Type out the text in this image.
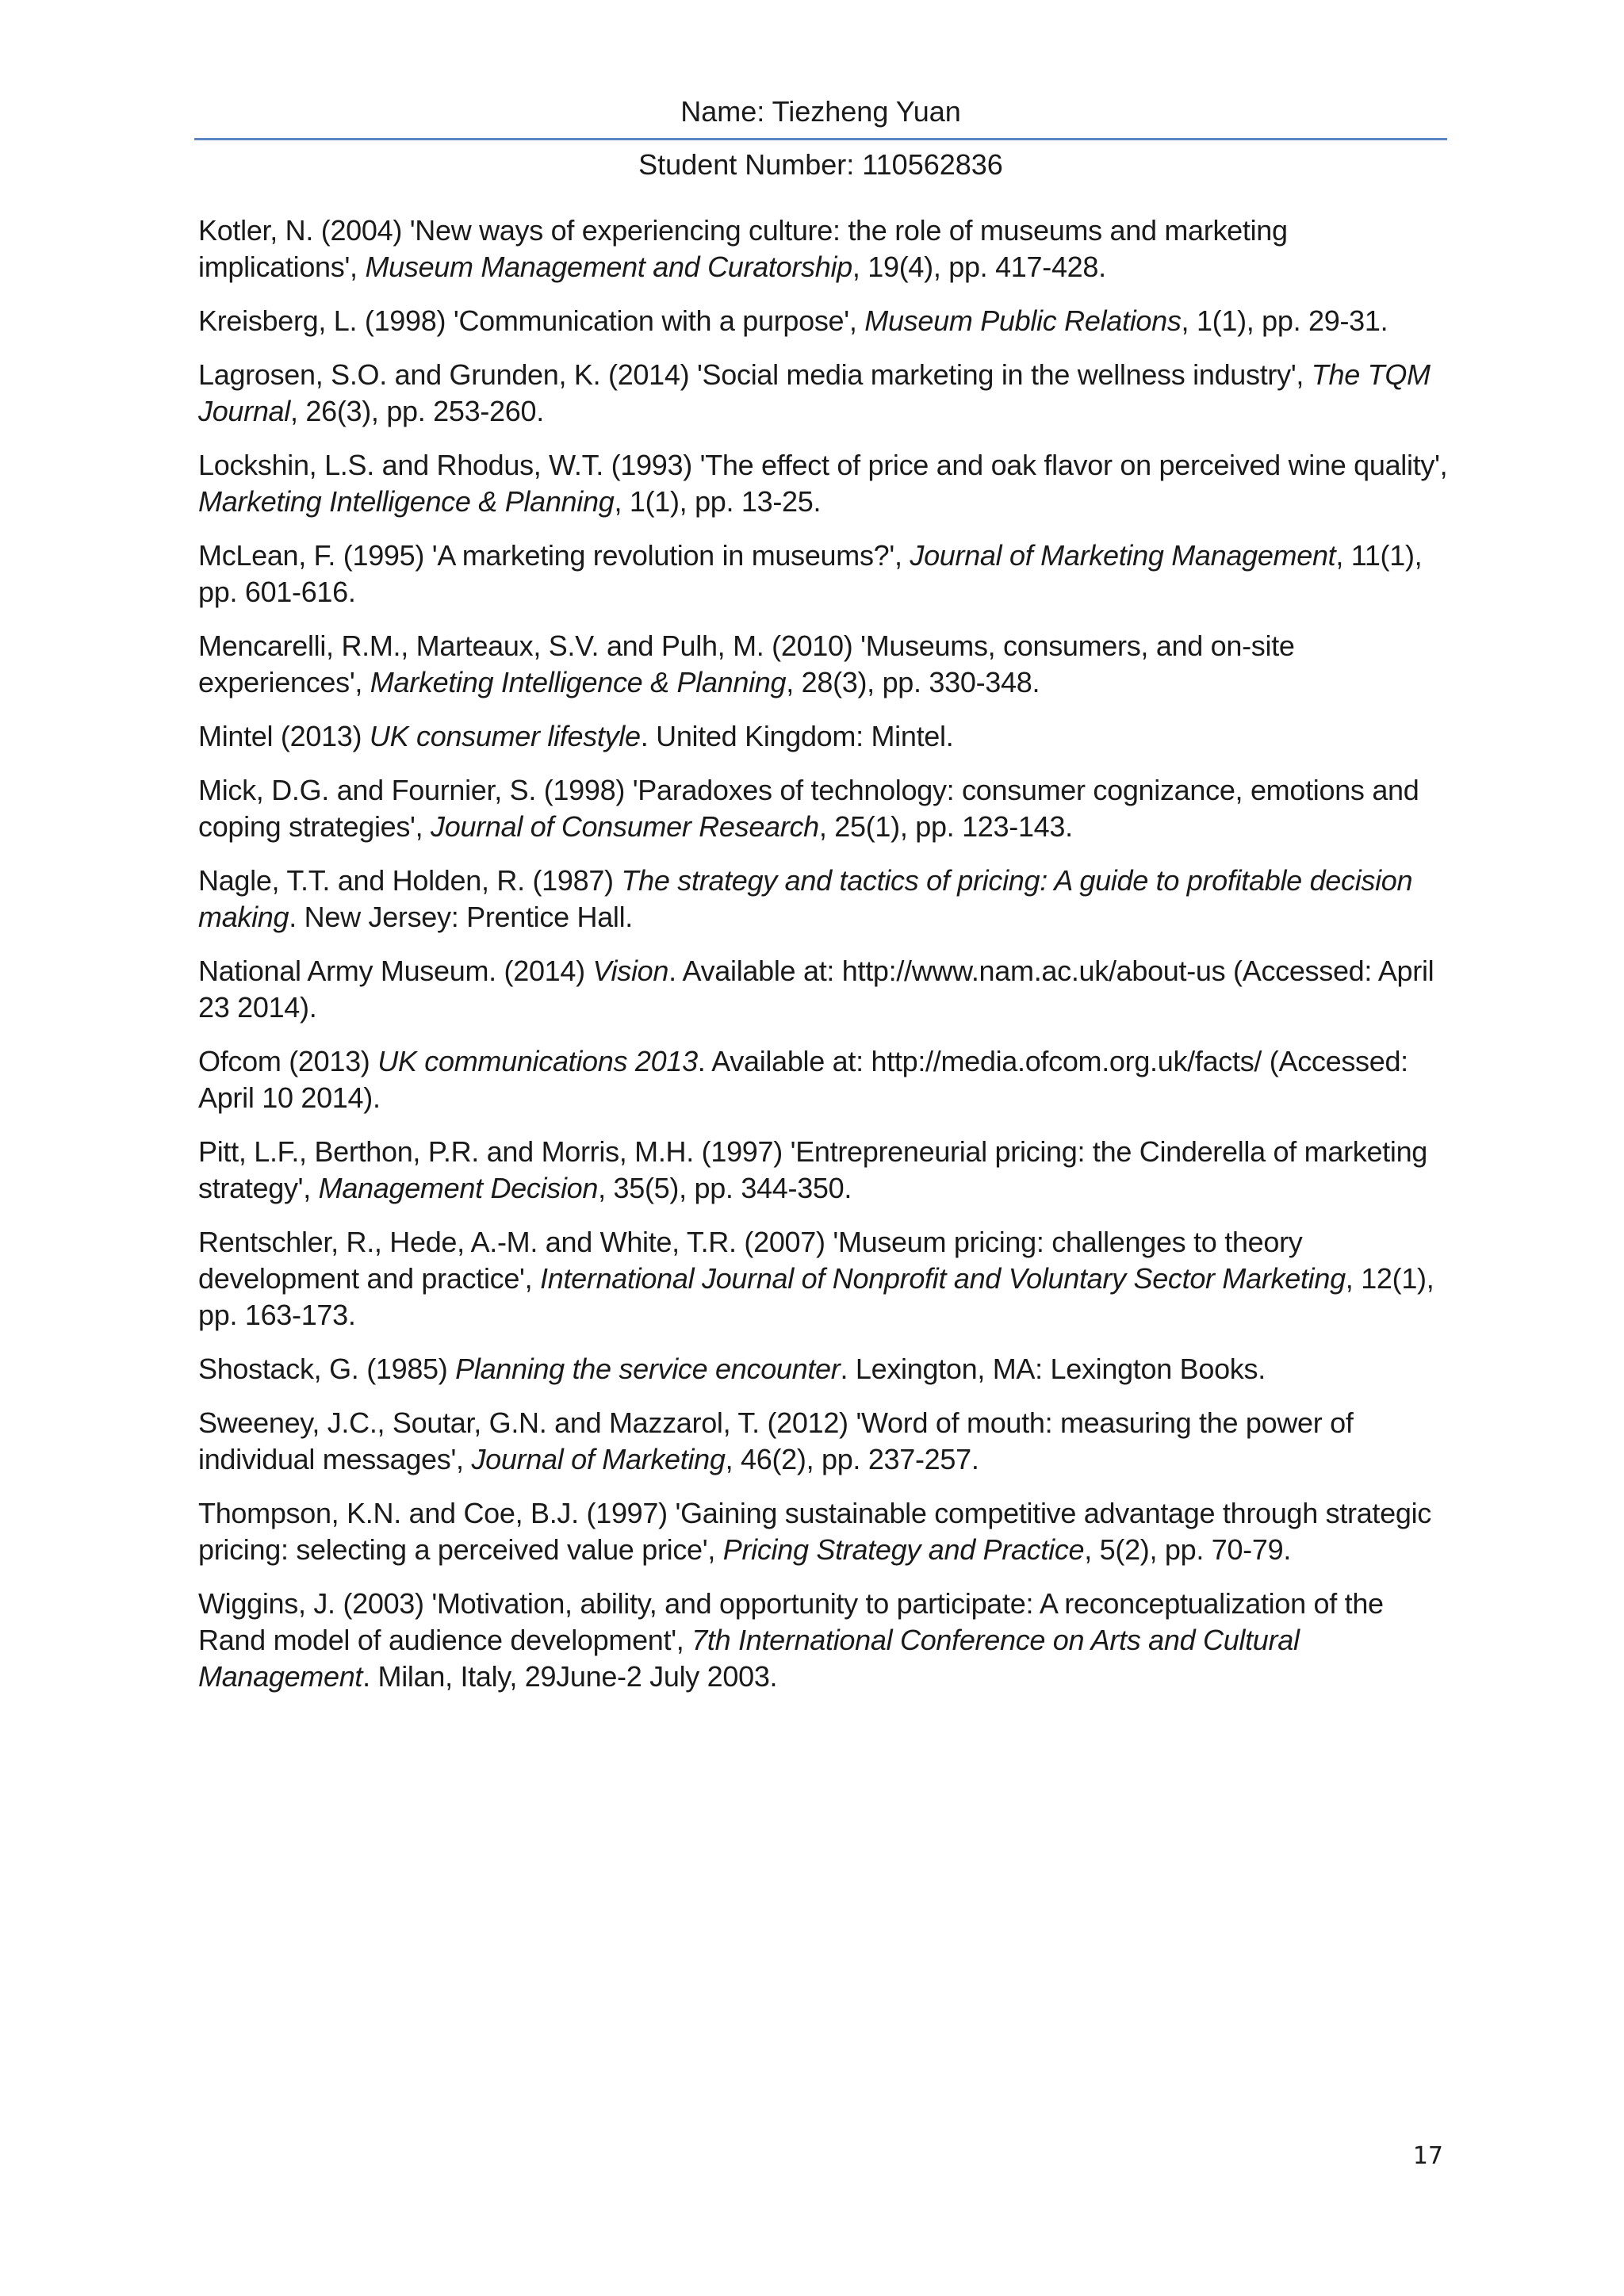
Name: Tiezheng Yuan
Student Number: 110562836

Kotler, N. (2004) 'New ways of experiencing culture: the role of museums and marketing implications', Museum Management and Curatorship, 19(4), pp. 417-428.

Kreisberg, L. (1998) 'Communication with a purpose', Museum Public Relations, 1(1), pp. 29-31.

Lagrosen, S.O. and Grunden, K. (2014) 'Social media marketing in the wellness industry', The TQM Journal, 26(3), pp. 253-260.

Lockshin, L.S. and Rhodus, W.T. (1993) 'The effect of price and oak flavor on perceived wine quality', Marketing Intelligence & Planning, 1(1), pp. 13-25.

McLean, F. (1995) 'A marketing revolution in museums?', Journal of Marketing Management, 11(1), pp. 601-616.

Mencarelli, R.M., Marteaux, S.V. and Pulh, M. (2010) 'Museums, consumers, and on-site experiences', Marketing Intelligence & Planning, 28(3), pp. 330-348.

Mintel (2013) UK consumer lifestyle. United Kingdom: Mintel.

Mick, D.G. and Fournier, S. (1998) 'Paradoxes of technology: consumer cognizance, emotions and coping strategies', Journal of Consumer Research, 25(1), pp. 123-143.

Nagle, T.T. and Holden, R. (1987) The strategy and tactics of pricing: A guide to profitable decision making. New Jersey: Prentice Hall.

National Army Museum. (2014) Vision. Available at: http://www.nam.ac.uk/about-us (Accessed: April 23 2014).

Ofcom (2013) UK communications 2013. Available at: http://media.ofcom.org.uk/facts/ (Accessed: April 10 2014).

Pitt, L.F., Berthon, P.R. and Morris, M.H. (1997) 'Entrepreneurial pricing: the Cinderella of marketing strategy', Management Decision, 35(5), pp. 344-350.

Rentschler, R., Hede, A.-M. and White, T.R. (2007) 'Museum pricing: challenges to theory development and practice', International Journal of Nonprofit and Voluntary Sector Marketing, 12(1), pp. 163-173.

Shostack, G. (1985) Planning the service encounter. Lexington, MA: Lexington Books.

Sweeney, J.C., Soutar, G.N. and Mazzarol, T. (2012) 'Word of mouth: measuring the power of individual messages', Journal of Marketing, 46(2), pp. 237-257.

Thompson, K.N. and Coe, B.J. (1997) 'Gaining sustainable competitive advantage through strategic pricing: selecting a perceived value price', Pricing Strategy and Practice, 5(2), pp. 70-79.

Wiggins, J. (2003) 'Motivation, ability, and opportunity to participate: A reconceptualization of the Rand model of audience development', 7th International Conference on Arts and Cultural Management. Milan, Italy, 29June-2 July 2003.

17
